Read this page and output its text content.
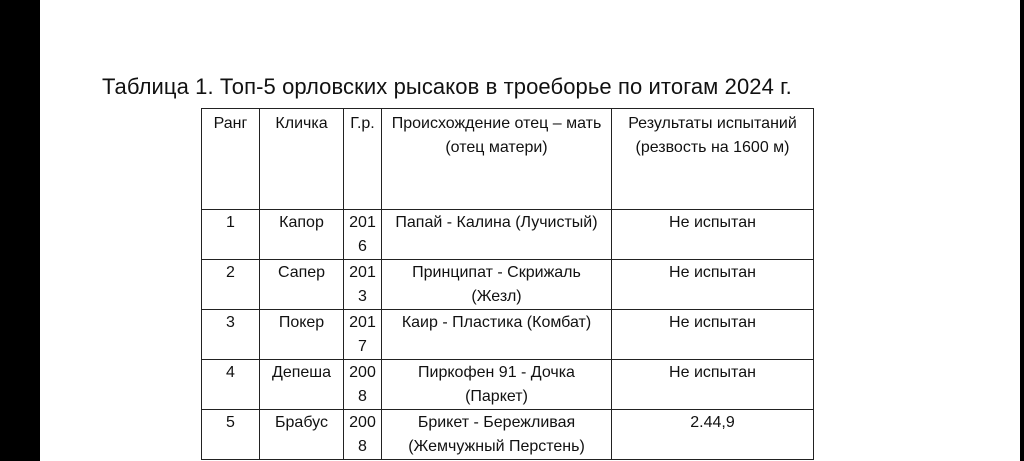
Таблица 1. Топ-5 орловских рысаков в троеборье по итогам 2024 г.
Ранг	Кличка	Г.р.	Происхождение отец – мать (отец матери)	Результаты испытаний (резвость на 1600 м)
1	Капор	2016	Папай - Калина (Лучистый)	Не испытан
2	Сапер	2013	Принципат - Скрижаль (Жезл)	Не испытан
3	Покер	2017	Каир - Пластика (Комбат)	Не испытан
4	Депеша	2008	Пиркофен 91 - Дочка (Паркет)	Не испытан
5	Брабус	2008	Брикет - Бережливая (Жемчужный Перстень)	2.44,9
